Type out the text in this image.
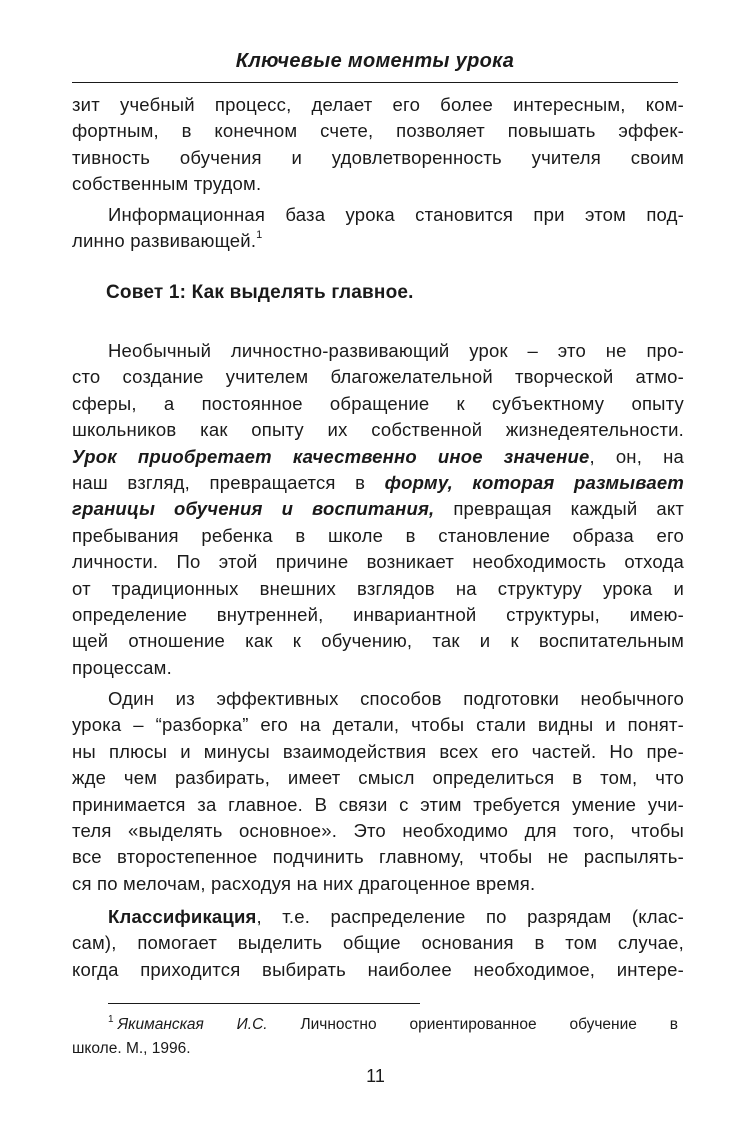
Ключевые моменты урока
зит учебный процесс, делает его более интересным, ком-
фортным, в конечном счете, позволяет повышать эффек-
тивность обучения и удовлетворенность учителя своим
собственным трудом.
Информационная база урока становится при этом под-
линно развивающей.$^1$
Совет 1: Как выделять главное.
Необычный личностно-развивающий урок – это не про-
сто создание учителем благожелательной творческой атмо-
сферы, а постоянное обращение к субъектному опыту
школьников как опыту их собственной жизнедеятельности.
Урок приобретает качественно иное значение, он, на
наш взгляд, превращается в форму, которая размывает
границы обучения и воспитания, превращая каждый акт
пребывания ребенка в школе в становление образа его
личности. По этой причине возникает необходимость отхода
от традиционных внешних взглядов на структуру урока и
определение внутренней, инвариантной структуры, имею-
щей отношение как к обучению, так и к воспитательным
процессам.
Один из эффективных способов подготовки необычного
урока – “разборка” его на детали, чтобы стали видны и понят-
ны плюсы и минусы взаимодействия всех его частей. Но пре-
жде чем разбирать, имеет смысл определиться в том, что
принимается за главное. В связи с этим требуется умение учи-
теля «выделять основное». Это необходимо для того, чтобы
все второстепенное подчинить главному, чтобы не распылять-
ся по мелочам, расходуя на них драгоценное время.
Классификация, т.е. распределение по разрядам (клас-
сам), помогает выделить общие основания в том случае,
когда приходится выбирать наиболее необходимое, интере-
$^1$ Якиманская И.С. Личностно ориентированное обучение в
школе. М., 1996.
11
